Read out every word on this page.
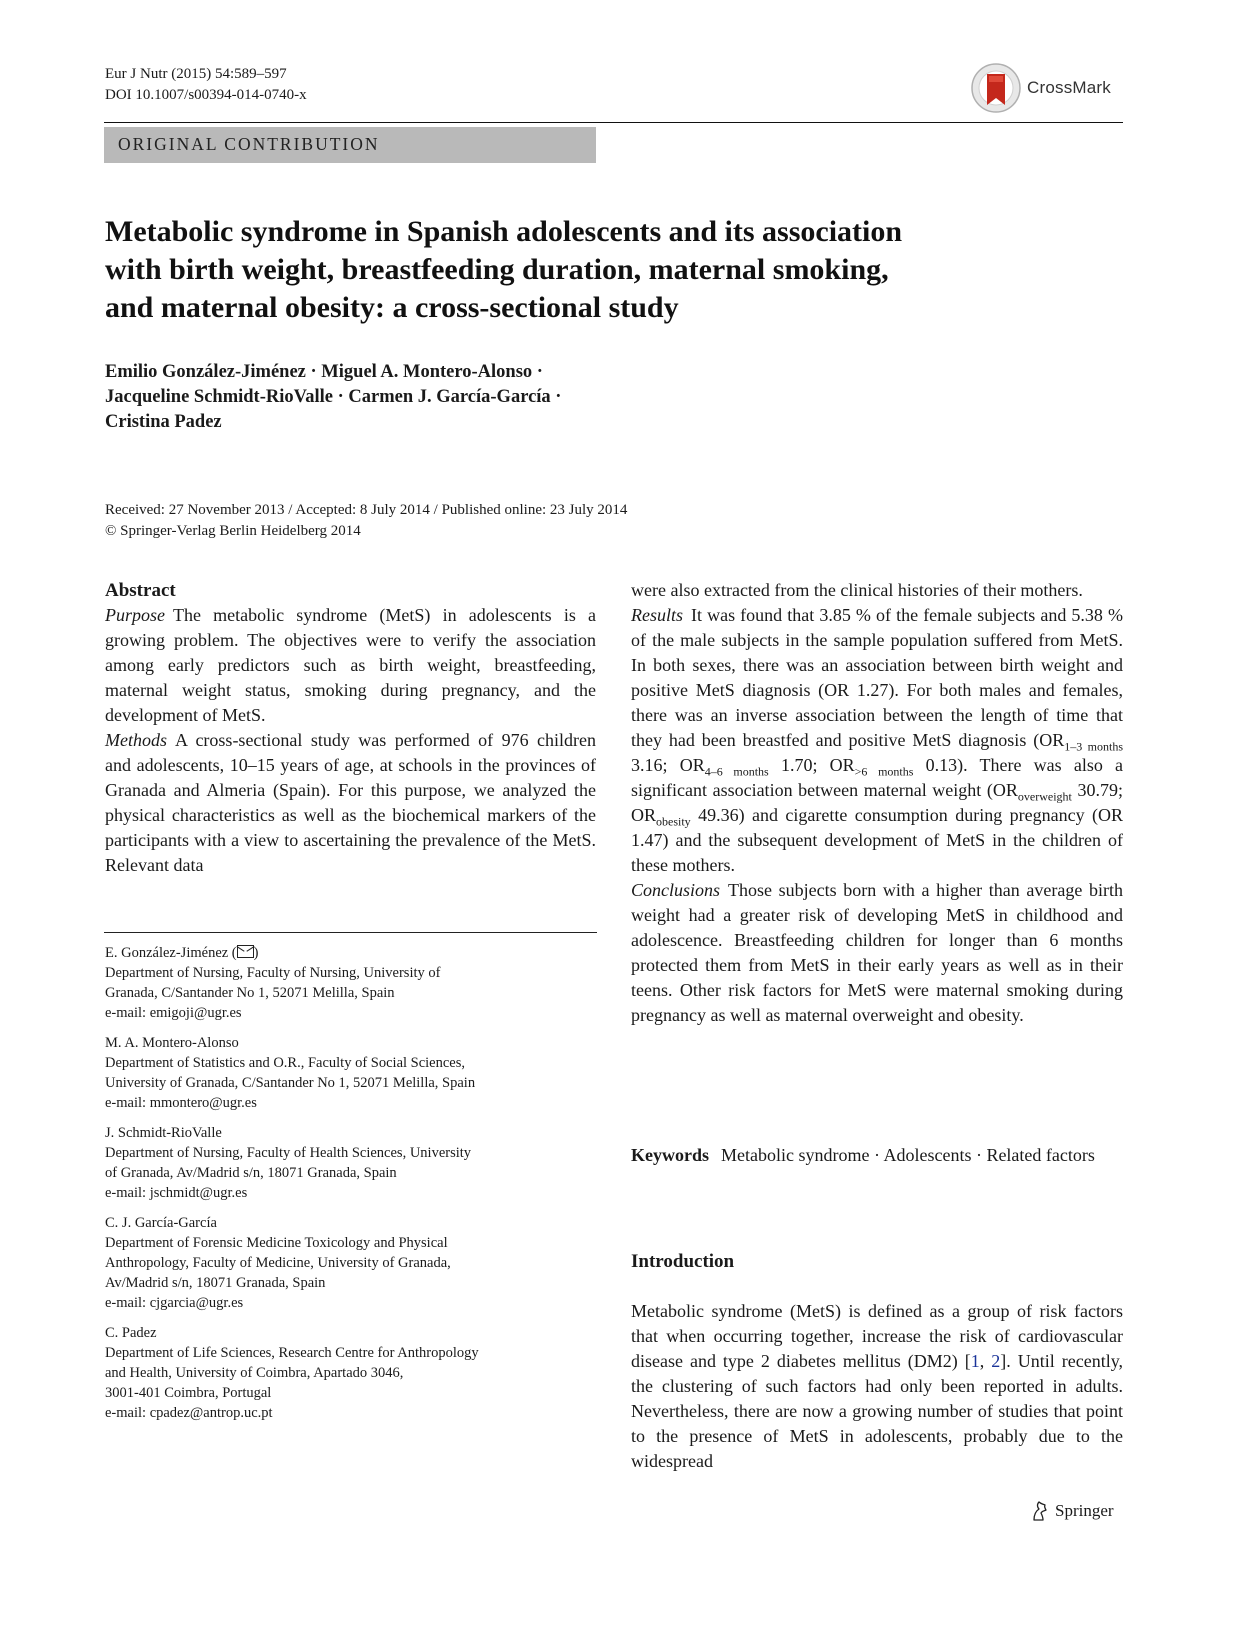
Eur J Nutr (2015) 54:589–597
DOI 10.1007/s00394-014-0740-x	CrossMark
ORIGINAL CONTRIBUTION
Metabolic syndrome in Spanish adolescents and its association
with birth weight, breastfeeding duration, maternal smoking,
and maternal obesity: a cross-sectional study
Emilio González-Jiménez · Miguel A. Montero-Alonso ·
Jacqueline Schmidt-RioValle · Carmen J. García-García ·
Cristina Padez
Received: 27 November 2013 / Accepted: 8 July 2014 / Published online: 23 July 2014
© Springer-Verlag Berlin Heidelberg 2014
Abstract

Purpose The metabolic syndrome (MetS) in adolescents is a growing problem. The objectives were to verify the association among early predictors such as birth weight, breastfeeding, maternal weight status, smoking during pregnancy, and the development of MetS.

Methods A cross-sectional study was performed of 976 children and adolescents, 10–15 years of age, at schools in the provinces of Granada and Almeria (Spain). For this purpose, we analyzed the physical characteristics as well as the biochemical markers of the participants with a view to ascertaining the prevalence of the MetS. Relevant data

E. González-Jiménez ( )
Department of Nursing, Faculty of Nursing, University of
Granada, C/Santander No 1, 52071 Melilla, Spain
e-mail: emigoji@ugr.es
M. A. Montero-Alonso
Department of Statistics and O.R., Faculty of Social Sciences,
University of Granada, C/Santander No 1, 52071 Melilla, Spain
e-mail: mmontero@ugr.es
J. Schmidt-RioValle
Department of Nursing, Faculty of Health Sciences, University
of Granada, Av/Madrid s/n, 18071 Granada, Spain
e-mail: jschmidt@ugr.es
C. J. García-García
Department of Forensic Medicine Toxicology and Physical
Anthropology, Faculty of Medicine, University of Granada,
Av/Madrid s/n, 18071 Granada, Spain
e-mail: cjgarcia@ugr.es
C. Padez
Department of Life Sciences, Research Centre for Anthropology
and Health, University of Coimbra, Apartado 3046,
3001-401 Coimbra, Portugal
e-mail: cpadez@antrop.uc.pt

were also extracted from the clinical histories of their mothers.

Results It was found that 3.85 % of the female subjects and 5.38 % of the male subjects in the sample population suffered from MetS. In both sexes, there was an association between birth weight and positive MetS diagnosis (OR 1.27). For both males and females, there was an inverse association between the length of time that they had been breastfed and positive MetS diagnosis ($OR_{1-3 months}$ 3.16; $OR_{4-6 months}$ 1.70; $OR_{>6 months}$ 0.13). There was also a significant association between maternal weight ($OR_{overweight}$ 30.79; $OR_{obesity}$ 49.36) and cigarette consumption during pregnancy (OR 1.47) and the subsequent development of MetS in the children of these mothers.

Conclusions Those subjects born with a higher than average birth weight had a greater risk of developing MetS in childhood and adolescence. Breastfeeding children for longer than 6 months protected them from MetS in their early years as well as in their teens. Other risk factors for MetS were maternal smoking during pregnancy as well as maternal overweight and obesity.

Keywords Metabolic syndrome · Adolescents · Related factors

Introduction

Metabolic syndrome (MetS) is defined as a group of risk factors that when occurring together, increase the risk of cardiovascular disease and type 2 diabetes mellitus (DM2) [1, 2]. Until recently, the clustering of such factors had only been reported in adults. Nevertheless, there are now a growing number of studies that point to the presence of MetS in adolescents, probably due to the widespread

Springer
